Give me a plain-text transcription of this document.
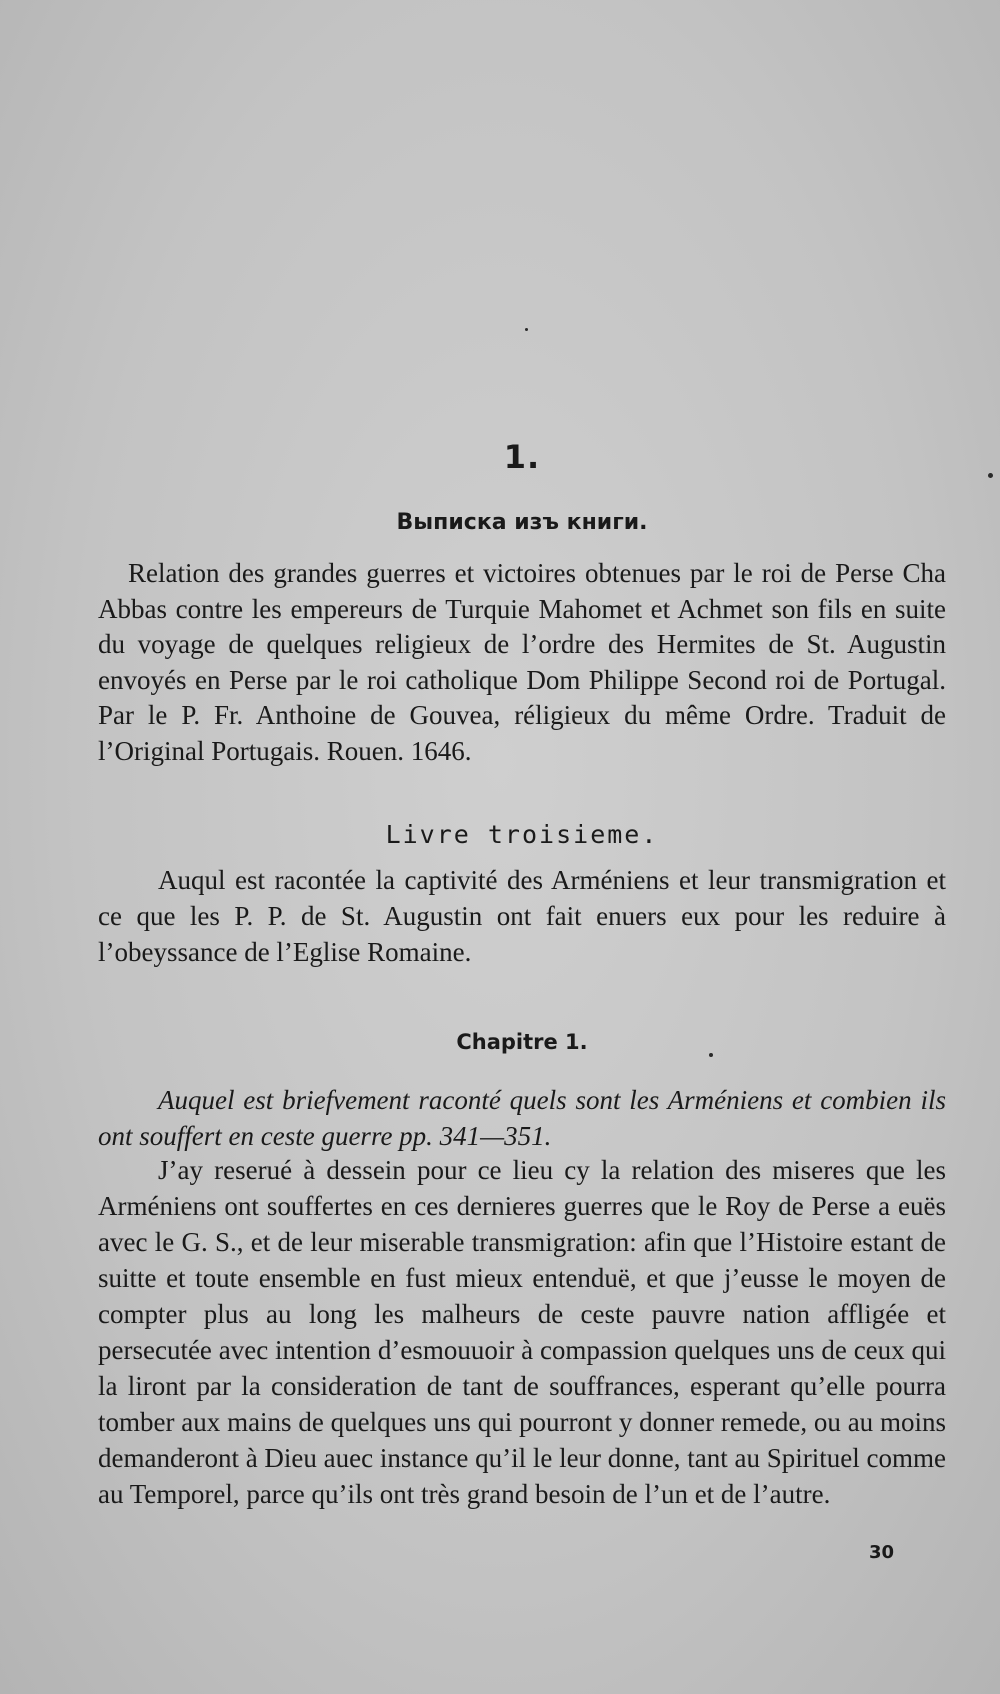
1.
Выписка изъ книги.

Relation des grandes guerres et victoires obtenues par le roi de Perse Cha Abbas contre les empereurs de Turquie Mahomet et Achmet son fils en suite du voyage de quelques religieux de l’ordre des Hermites de St. Augustin envoyés en Perse par le roi catholique Dom Philippe Second roi de Portugal. Par le P. Fr. Anthoine de Gouvea, réligieux du même Ordre. Traduit de l’Original Portugais. Rouen. 1646.

Livre troisieme.

Auqul est racontée la captivité des Arméniens et leur transmigration et ce que les P. P. de St. Augustin ont fait enuers eux pour les reduire à l’obeyssance de l’Eglise Romaine.

Chapitre 1.

Auquel est briefvement raconté quels sont les Arméniens et combien ils ont souffert en ceste guerre pp. 341—351.

J’ay reserué à dessein pour ce lieu cy la relation des miseres que les Arméniens ont souffertes en ces dernieres guerres que le Roy de Perse a euës avec le G. S., et de leur miserable transmigration: afin que l’Histoire estant de suitte et toute ensemble en fust mieux entenduë, et que j’eusse le moyen de compter plus au long les malheurs de ceste pauvre nation affligée et persecutée avec intention d’esmouuoir à compassion quelques uns de ceux qui la liront par la consideration de tant de souffrances, esperant qu’elle pourra tomber aux mains de quelques uns qui pourront y donner remede, ou au moins demanderont à Dieu auec instance qu’il le leur donne, tant au Spirituel comme au Temporel, parce qu’ils ont très grand besoin de l’un et de l’autre.

30
